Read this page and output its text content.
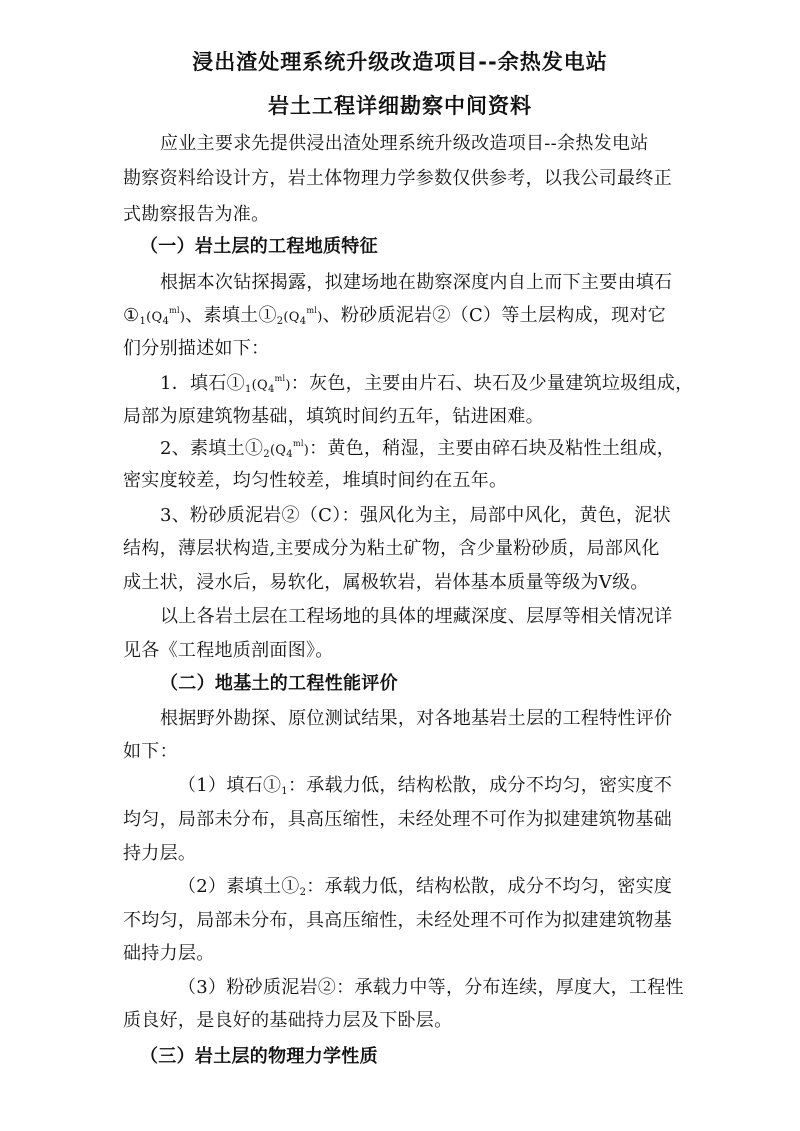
浸出渣处理系统升级改造项目--余热发电站
岩土工程详细勘察中间资料
应业主要求先提供浸出渣处理系统升级改造项目--余热发电站
勘察资料给设计方，岩土体物理力学参数仅供参考，以我公司最终正
式勘察报告为准。
（一）岩土层的工程地质特征
根据本次钻探揭露，拟建场地在勘察深度内自上而下主要由填石
$①_1(Q_4^{ml})$、素填土$①_2(Q_4^{ml})$、粉砂质泥岩②（C）等土层构成，现对它
们分别描述如下：
1．填石$①_1(Q_4^{ml})$：灰色，主要由片石、块石及少量建筑垃圾组成，
局部为原建筑物基础，填筑时间约五年，钻进困难。
2、素填土$①_2(Q_4^{ml})$：黄色，稍湿，主要由碎石块及粘性土组成，
密实度较差，均匀性较差，堆填时间约在五年。
3、粉砂质泥岩②（C）：强风化为主，局部中风化，黄色，泥状
结构，薄层状构造,主要成分为粘土矿物，含少量粉砂质，局部风化
成土状，浸水后，易软化，属极软岩，岩体基本质量等级为Ⅴ级。
以上各岩土层在工程场地的具体的埋藏深度、层厚等相关情况详
见各《工程地质剖面图》。
（二）地基土的工程性能评价
根据野外勘探、原位测试结果，对各地基岩土层的工程特性评价
如下：
（1）填石$①_1$：承载力低，结构松散，成分不均匀，密实度不
均匀，局部未分布，具高压缩性，未经处理不可作为拟建建筑物基础
持力层。
（2）素填土$①_2$：承载力低，结构松散，成分不均匀，密实度
不均匀，局部未分布，具高压缩性，未经处理不可作为拟建建筑物基
础持力层。
（3）粉砂质泥岩②：承载力中等，分布连续，厚度大，工程性
质良好，是良好的基础持力层及下卧层。
（三）岩土层的物理力学性质
